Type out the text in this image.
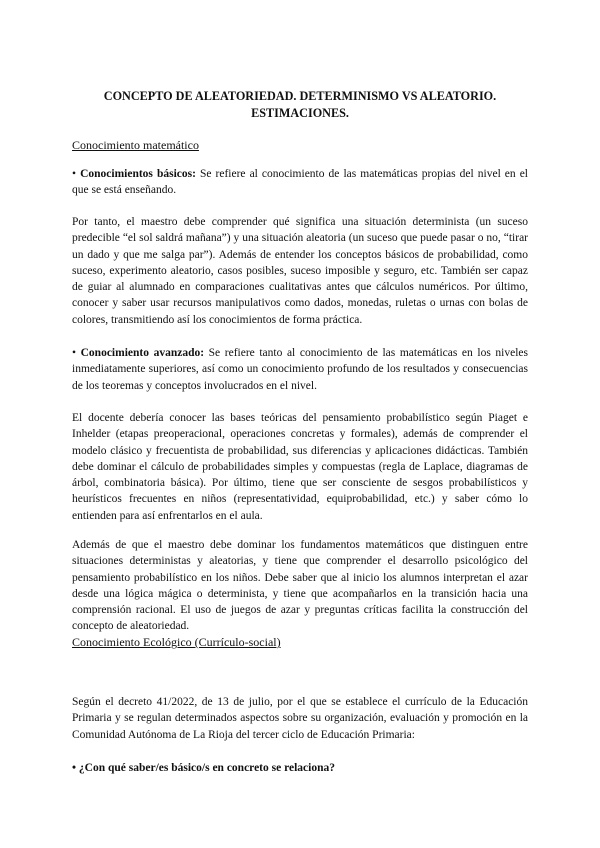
CONCEPTO DE ALEATORIEDAD. DETERMINISMO VS ALEATORIO.
ESTIMACIONES.

Conocimiento matemático

• Conocimientos básicos: Se refiere al conocimiento de las matemáticas propias del nivel en el que se está enseñando.

Por tanto, el maestro debe comprender qué significa una situación determinista (un suceso predecible “el sol saldrá mañana”) y una situación aleatoria (un suceso que puede pasar o no, “tirar un dado y que me salga par”). Además de entender los conceptos básicos de probabilidad, como suceso, experimento aleatorio, casos posibles, suceso imposible y seguro, etc. También ser capaz de guiar al alumnado en comparaciones cualitativas antes que cálculos numéricos. Por último, conocer y saber usar recursos manipulativos como dados, monedas, ruletas o urnas con bolas de colores, transmitiendo así los conocimientos de forma práctica.

• Conocimiento avanzado: Se refiere tanto al conocimiento de las matemáticas en los niveles inmediatamente superiores, así como un conocimiento profundo de los resultados y consecuencias de los teoremas y conceptos involucrados en el nivel.

El docente debería conocer las bases teóricas del pensamiento probabilístico según Piaget e Inhelder (etapas preoperacional, operaciones concretas y formales), además de comprender el modelo clásico y frecuentista de probabilidad, sus diferencias y aplicaciones didácticas. También debe dominar el cálculo de probabilidades simples y compuestas (regla de Laplace, diagramas de árbol, combinatoria básica). Por último, tiene que ser consciente de sesgos probabilísticos y heurísticos frecuentes en niños (representatividad, equiprobabilidad, etc.) y saber cómo lo entienden para así enfrentarlos en el aula.

Además de que el maestro debe dominar los fundamentos matemáticos que distinguen entre situaciones deterministas y aleatorias, y tiene que comprender el desarrollo psicológico del pensamiento probabilístico en los niños. Debe saber que al inicio los alumnos interpretan el azar desde una lógica mágica o determinista, y tiene que acompañarlos en la transición hacia una comprensión racional. El uso de juegos de azar y preguntas críticas facilita la construcción del concepto de aleatoriedad.

Conocimiento Ecológico (Currículo-social)

Según el decreto 41/2022, de 13 de julio, por el que se establece el currículo de la Educación Primaria y se regulan determinados aspectos sobre su organización, evaluación y promoción en la Comunidad Autónoma de La Rioja del tercer ciclo de Educación Primaria:

• ¿Con qué saber/es básico/s en concreto se relaciona?
